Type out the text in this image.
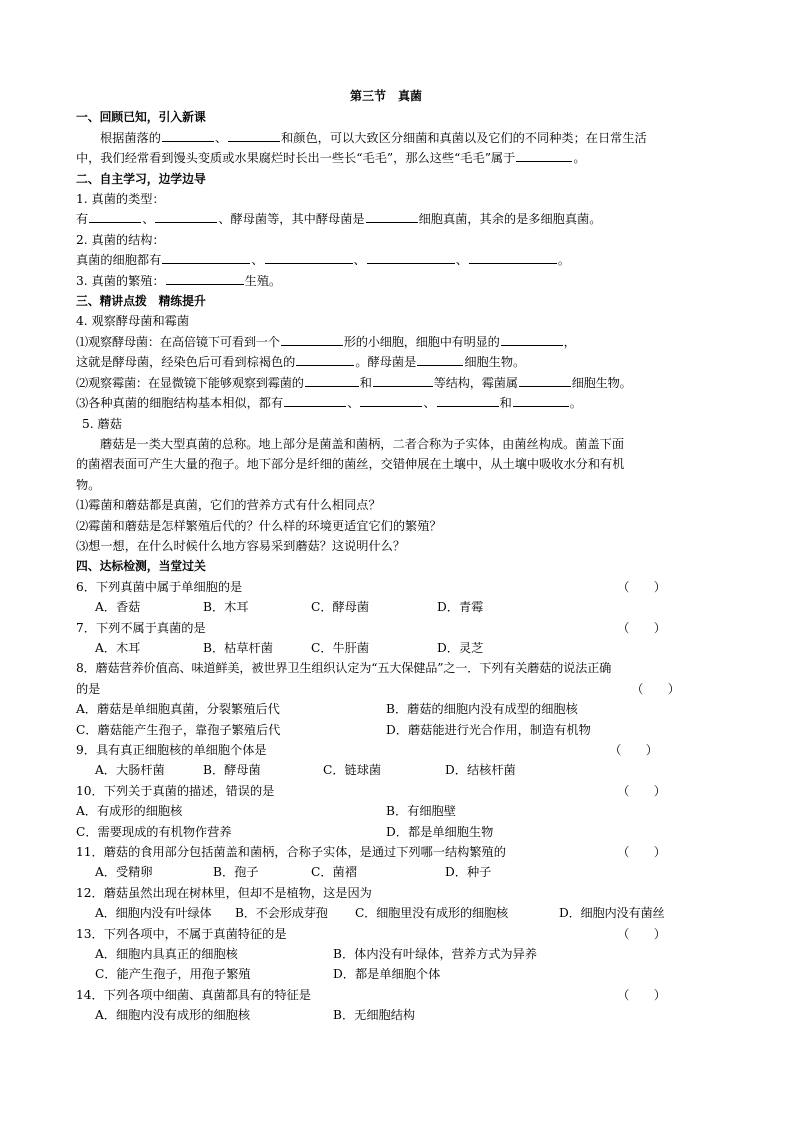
第三节　真菌
一、回顾已知，引入新课
根据菌落的	、	和颜色，可以大致区分细菌和真菌以及它们的不同种类；在日常生活
中，我们经常看到馒头变质或水果腐烂时长出一些长“毛毛”，那么这些“毛毛”属于	。
二、自主学习，边学边导
1. 真菌的类型：
有	、	、酵母菌等，其中酵母菌是	细胞真菌，其余的是多细胞真菌。
2. 真菌的结构：
真菌的细胞都有	、	、	、	。
3. 真菌的繁殖：	生殖。
三、精讲点拨　精练提升
4. 观察酵母菌和霉菌
⑴观察酵母菌：在高倍镜下可看到一个	形的小细胞，细胞中有明显的	，
这就是酵母菌，经染色后可看到棕褐色的	。酵母菌是	细胞生物。
⑵观察霉菌：在显微镜下能够观察到霉菌的	和	等结构，霉菌属	细胞生物。
⑶各种真菌的细胞结构基本相似，都有	、	、	和	。
5. 蘑菇
蘑菇是一类大型真菌的总称。地上部分是菌盖和菌柄，二者合称为子实体，由菌丝构成。菌盖下面
的菌褶表面可产生大量的孢子。地下部分是纤细的菌丝，交错伸展在土壤中，从土壤中吸收水分和有机
物。
⑴霉菌和蘑菇都是真菌，它们的营养方式有什么相同点？
⑵霉菌和蘑菇是怎样繁殖后代的？什么样的环境更适宜它们的繁殖？
⑶想一想，在什么时候什么地方容易采到蘑菇？这说明什么？
四、达标检测，当堂过关
6．下列真菌中属于单细胞的是	（　　）
A．香菇	B．木耳	C．酵母菌	D．青霉
7．下列不属于真菌的是	（　　）
A．木耳	B．枯草杆菌	C．牛肝菌	D．灵芝
8．蘑菇营养价值高、味道鲜美，被世界卫生组织认定为“五大保健品”之一．下列有关蘑菇的说法正确
的是	（　　）
A．蘑菇是单细胞真菌，分裂繁殖后代	B．蘑菇的细胞内没有成型的细胞核
C．蘑菇能产生孢子，靠孢子繁殖后代	D．蘑菇能进行光合作用，制造有机物
9．具有真正细胞核的单细胞个体是	（　　）
A．大肠杆菌	B．酵母菌	C．链球菌	D．结核杆菌
10．下列关于真菌的描述，错误的是	（　　）
A．有成形的细胞核	B．有细胞壁
C．需要现成的有机物作营养	D．都是单细胞生物
11．蘑菇的食用部分包括菌盖和菌柄，合称子实体，是通过下列哪一结构繁殖的	（　　）
A．受精卵	B．孢子	C．菌褶	D．种子
12．蘑菇虽然出现在树林里，但却不是植物，这是因为
A．细胞内没有叶绿体	B．不会形成芽孢	C．细胞里没有成形的细胞核	D．细胞内没有菌丝
13．下列各项中，不属于真菌特征的是	（　　）
A．细胞内具真正的细胞核	B．体内没有叶绿体，营养方式为异养
C．能产生孢子，用孢子繁殖	D．都是单细胞个体
14．下列各项中细菌、真菌都具有的特征是	（　　）
A．细胞内没有成形的细胞核	B．无细胞结构
